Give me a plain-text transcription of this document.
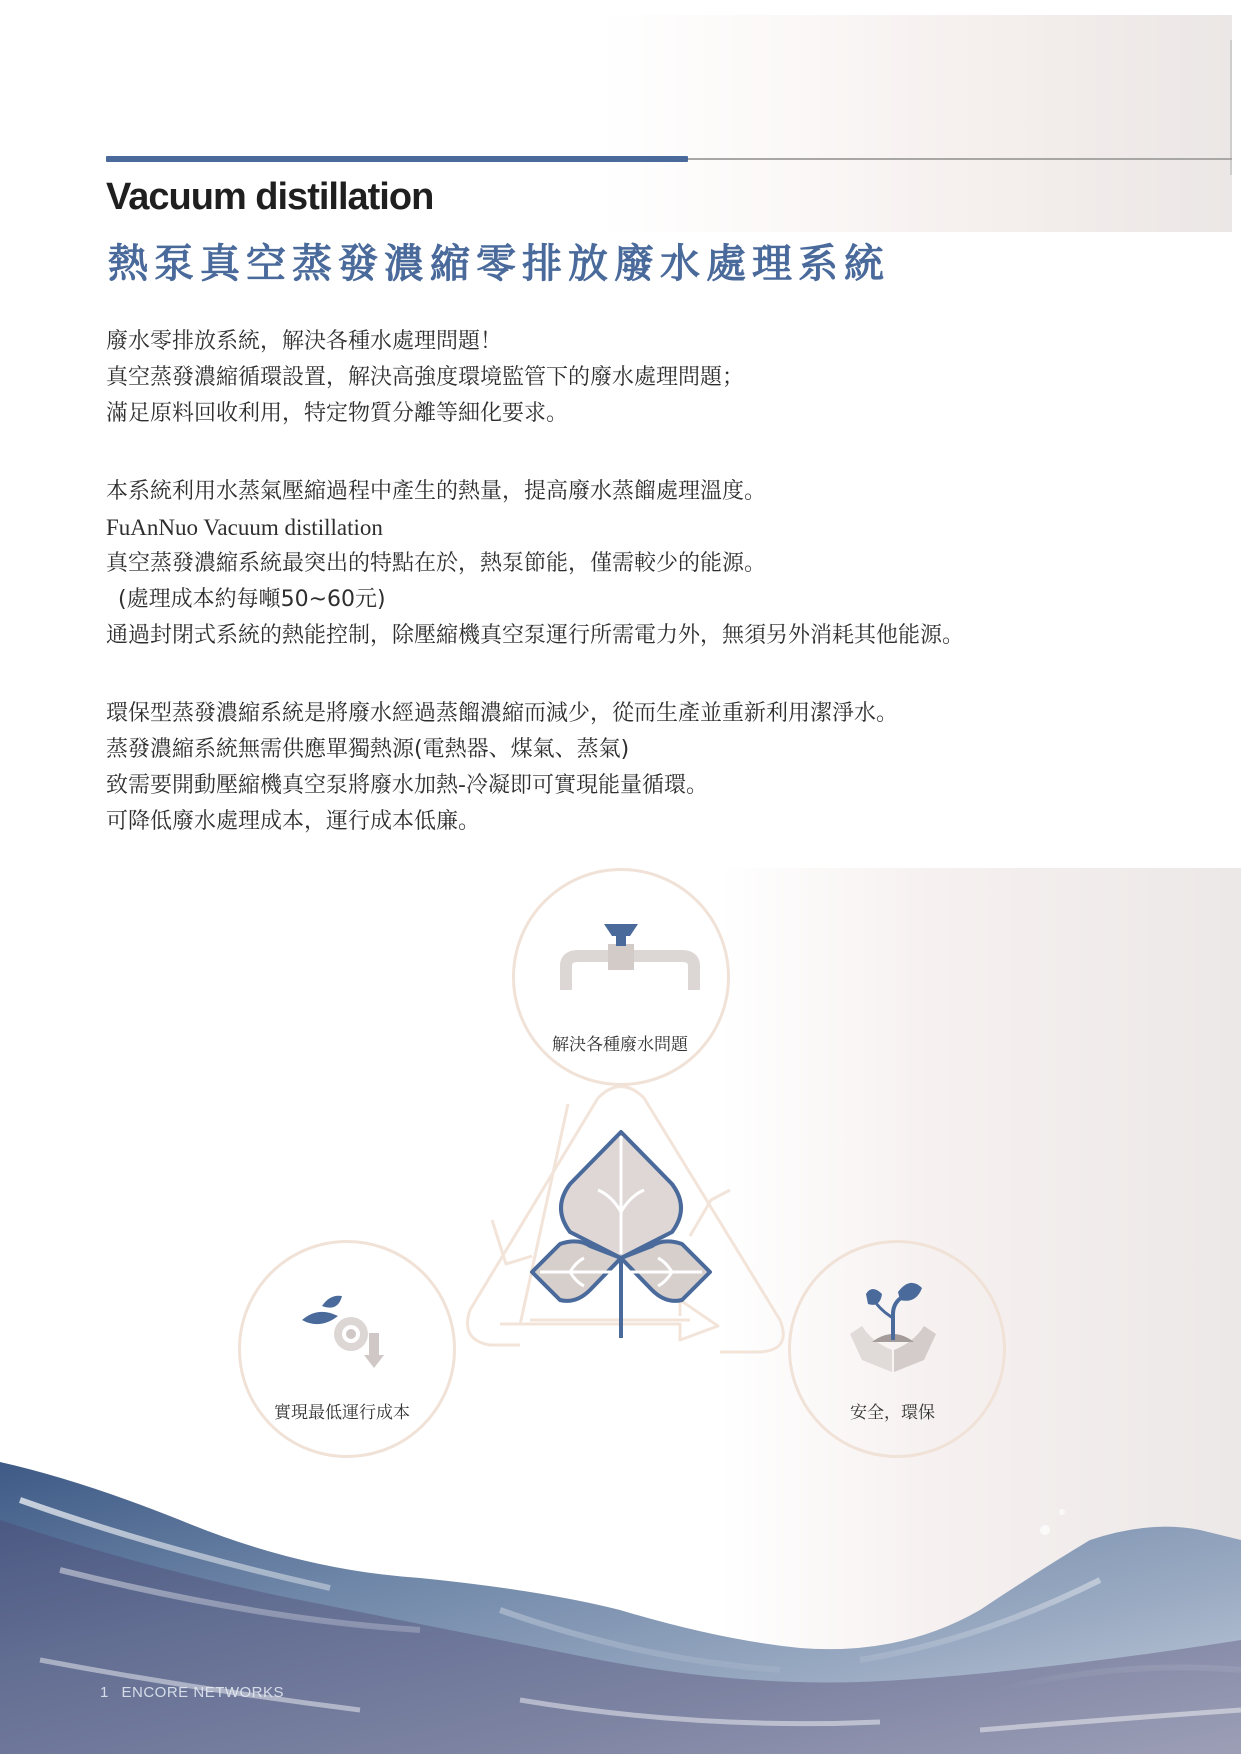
Vacuum distillation
熱泵真空蒸發濃縮零排放廢水處理系統
廢水零排放系統，解決各種水處理問題！
真空蒸發濃縮循環設置，解決高強度環境監管下的廢水處理問題；
滿足原料回收利用，特定物質分離等細化要求。
本系統利用水蒸氣壓縮過程中產生的熱量，提高廢水蒸餾處理溫度。
FuAnNuo Vacuum distillation
真空蒸發濃縮系統最突出的特點在於，熱泵節能，僅需較少的能源。
(處理成本約每噸50~60元)
通過封閉式系統的熱能控制，除壓縮機真空泵運行所需電力外，無須另外消耗其他能源。
環保型蒸發濃縮系統是將廢水經過蒸餾濃縮而減少，從而生產並重新利用潔淨水。
蒸發濃縮系統無需供應單獨熱源(電熱器、煤氣、蒸氣)
致需要開動壓縮機真空泵將廢水加熱-冷凝即可實現能量循環。
可降低廢水處理成本，運行成本低廉。
解決各種廢水問題
實現最低運行成本	安全，環保
1 ENCORE NETWORKS
